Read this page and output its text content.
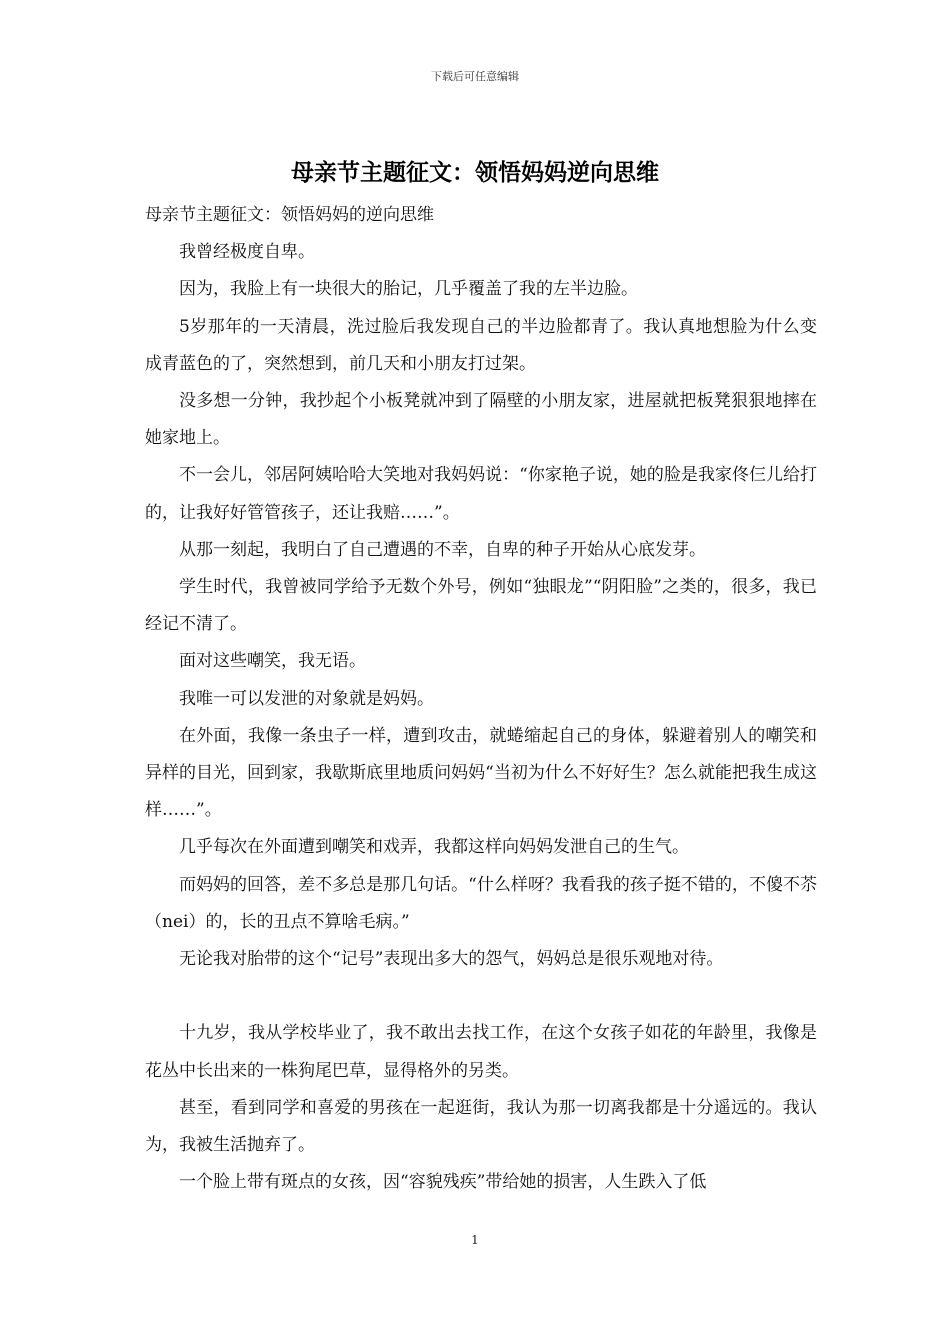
下载后可任意编辑
母亲节主题征文：领悟妈妈逆向思维

母亲节主题征文：领悟妈妈的逆向思维

我曾经极度自卑。

因为，我脸上有一块很大的胎记，几乎覆盖了我的左半边脸。

5岁那年的一天清晨，洗过脸后我发现自己的半边脸都青了。我认真地想脸为什么变成青蓝色的了，突然想到，前几天和小朋友打过架。

没多想一分钟，我抄起个小板凳就冲到了隔壁的小朋友家，进屋就把板凳狠狠地摔在她家地上。

不一会儿，邻居阿姨哈哈大笑地对我妈妈说：“你家艳子说，她的脸是我家佟仨儿给打的，让我好好管管孩子，还让我赔……”。

从那一刻起，我明白了自己遭遇的不幸，自卑的种子开始从心底发芽。

学生时代，我曾被同学给予无数个外号，例如“独眼龙”“阴阳脸”之类的，很多，我已经记不清了。

面对这些嘲笑，我无语。

我唯一可以发泄的对象就是妈妈。

在外面，我像一条虫子一样，遭到攻击，就蜷缩起自己的身体，躲避着别人的嘲笑和异样的目光，回到家，我歇斯底里地质问妈妈“当初为什么不好好生？怎么就能把我生成这样……”。

几乎每次在外面遭到嘲笑和戏弄，我都这样向妈妈发泄自己的生气。

而妈妈的回答，差不多总是那几句话。“什么样呀？我看我的孩子挺不错的，不傻不苶（nei）的，长的丑点不算啥毛病。”

无论我对胎带的这个“记号”表现出多大的怨气，妈妈总是很乐观地对待。

十九岁，我从学校毕业了，我不敢出去找工作，在这个女孩子如花的年龄里，我像是花丛中长出来的一株狗尾巴草，显得格外的另类。

甚至，看到同学和喜爱的男孩在一起逛街，我认为那一切离我都是十分遥远的。我认为，我被生活抛弃了。

一个脸上带有斑点的女孩，因“容貌残疾”带给她的损害，人生跌入了低

1
